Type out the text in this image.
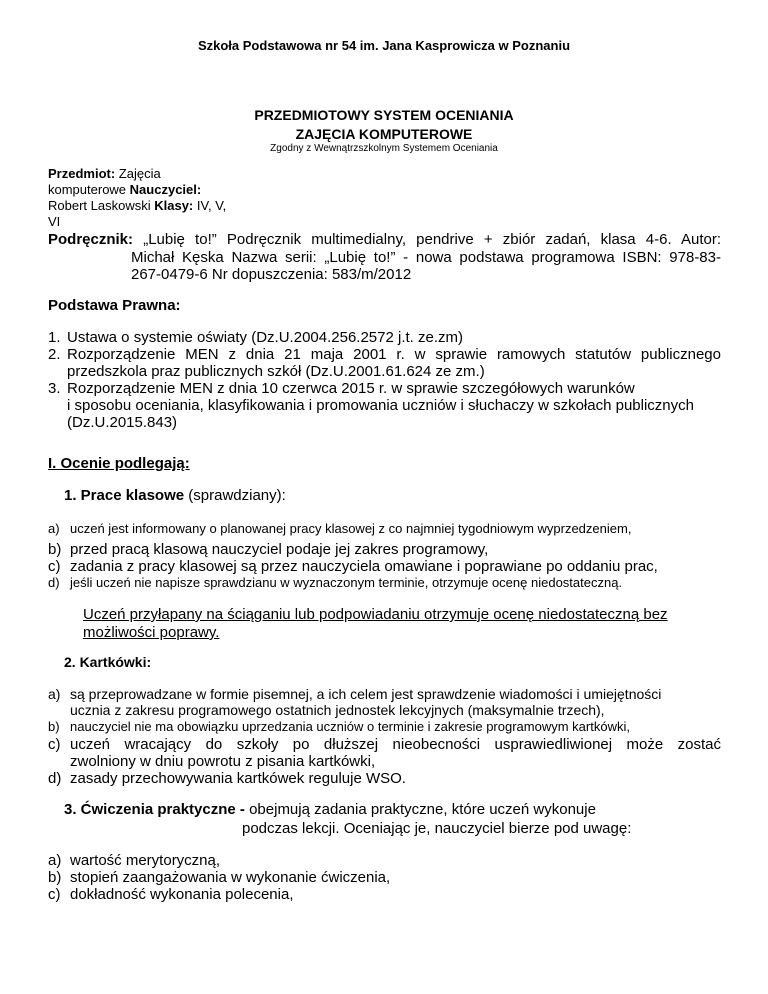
Szkoła Podstawowa nr 54 im. Jana Kasprowicza w Poznaniu
PRZEDMIOTOWY SYSTEM OCENIANIA
ZAJĘCIA KOMPUTEROWE
Zgodny z Wewnątrzszkolnym Systemem Oceniania
Przedmiot: Zajęcia
komputerowe Nauczyciel:
Robert Laskowski Klasy: IV, V,
VI
Podręcznik: „Lubię to!” Podręcznik multimedialny, pendrive + zbiór zadań, klasa 4-6. Autor:
Michał Kęska Nazwa serii: „Lubię to!” - nowa podstawa programowa ISBN: 978-83-
267-0479-6 Nr dopuszczenia: 583/m/2012
Podstawa Prawna:
1. Ustawa o systemie oświaty (Dz.U.2004.256.2572 j.t. ze.zm)
2. Rozporządzenie MEN z dnia 21 maja 2001 r. w sprawie ramowych statutów publicznego
przedszkola praz publicznych szkół (Dz.U.2001.61.624 ze zm.)
3. Rozporządzenie MEN z dnia 10 czerwca 2015 r. w sprawie szczegółowych warunków
i sposobu oceniania, klasyfikowania i promowania uczniów i słuchaczy w szkołach publicznych
(Dz.U.2015.843)
I. Ocenie podlegają:
1. Prace klasowe (sprawdziany):
a) uczeń jest informowany o planowanej pracy klasowej z co najmniej tygodniowym wyprzedzeniem,
b) przed pracą klasową nauczyciel podaje jej zakres programowy,
c) zadania z pracy klasowej są przez nauczyciela omawiane i poprawiane po oddaniu prac,
d) jeśli uczeń nie napisze sprawdzianu w wyznaczonym terminie, otrzymuje ocenę niedostateczną.
Uczeń przyłapany na ściąganiu lub podpowiadaniu otrzymuje ocenę niedostateczną bez
możliwości poprawy.
2. Kartkówki:
a) są przeprowadzane w formie pisemnej, a ich celem jest sprawdzenie wiadomości i umiejętności
ucznia z zakresu programowego ostatnich jednostek lekcyjnych (maksymalnie trzech),
b) nauczyciel nie ma obowiązku uprzedzania uczniów o terminie i zakresie programowym kartkówki,
c) uczeń wracający do szkoły po dłuższej nieobecności usprawiedliwionej może zostać
zwolniony w dniu powrotu z pisania kartkówki,
d) zasady przechowywania kartkówek reguluje WSO.
3. Ćwiczenia praktyczne - obejmują zadania praktyczne, które uczeń wykonuje
podczas lekcji. Oceniając je, nauczyciel bierze pod uwagę:
a) wartość merytoryczną,
b) stopień zaangażowania w wykonanie ćwiczenia,
c) dokładność wykonania polecenia,
